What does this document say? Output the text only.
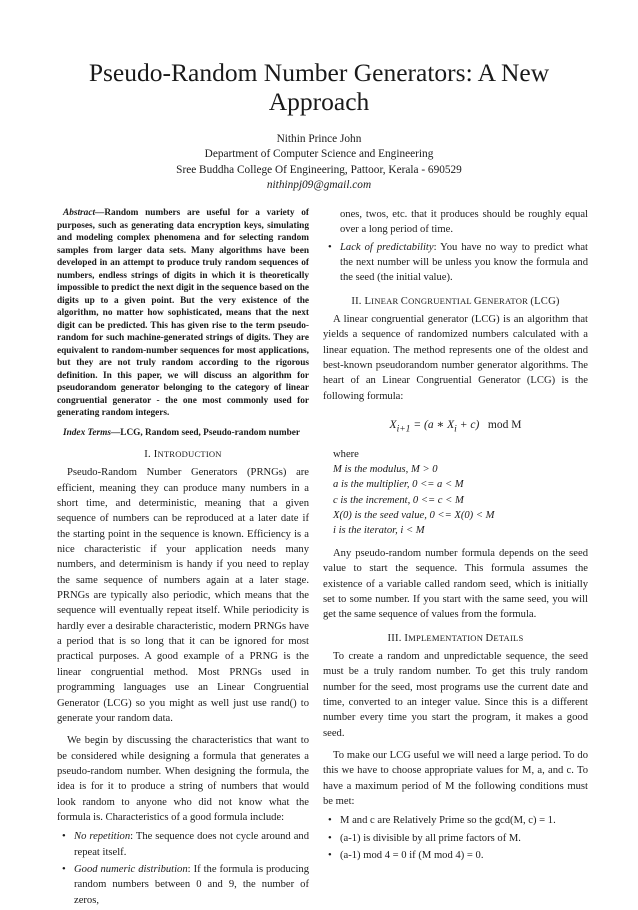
Pseudo-Random Number Generators: A New
Approach
Nithin Prince John
Department of Computer Science and Engineering
Sree Buddha College Of Engineering, Pattoor, Kerala - 690529
nithinpj09@gmail.com

Abstract—Random numbers are useful for a variety of purposes, such as generating data encryption keys, simulating and modeling complex phenomena and for selecting random samples from larger data sets. Many algorithms have been developed in an attempt to produce truly random sequences of numbers, endless strings of digits in which it is theoretically impossible to predict the next digit in the sequence based on the digits up to a given point. But the very existence of the algorithm, no matter how sophisticated, means that the next digit can be predicted. This has given rise to the term pseudo-random for such machine-generated strings of digits. They are equivalent to random-number sequences for most applications, but they are not truly random according to the rigorous definition. In this paper, we will discuss an algorithm for pseudorandom generator belonging to the category of linear congruential generator - the one most commonly used for generating random integers.

Index Terms—LCG, Random seed, Pseudo-random number

I. INTRODUCTION

Pseudo-Random Number Generators (PRNGs) are efficient, meaning they can produce many numbers in a short time, and deterministic, meaning that a given sequence of numbers can be reproduced at a later date if the starting point in the sequence is known. Efficiency is a nice characteristic if your application needs many numbers, and determinism is handy if you need to replay the same sequence of numbers again at a later stage. PRNGs are typically also periodic, which means that the sequence will eventually repeat itself. While periodicity is hardly ever a desirable characteristic, modern PRNGs have a period that is so long that it can be ignored for most practical purposes. A good example of a PRNG is the linear congruential method. Most PRNGs used in programming languages use an Linear Congruential Generator (LCG) so you might as well just use rand() to generate your random data.

We begin by discussing the characteristics that want to be considered while designing a formula that generates a pseudo-random number. When designing the formula, the idea is for it to produce a string of numbers that would look random to anyone who did not know what the formula is. Characteristics of a good formula include:

• No repetition: The sequence does not cycle around and repeat itself.
• Good numeric distribution: If the formula is producing random numbers between 0 and 9, the number of zeros,

ones, twos, etc. that it produces should be roughly equal over a long period of time.

• Lack of predictability: You have no way to predict what the next number will be unless you know the formula and the seed (the initial value).
II. LINEAR CONGRUENTIAL GENERATOR (LCG)

A linear congruential generator (LCG) is an algorithm that yields a sequence of randomized numbers calculated with a linear equation. The method represents one of the oldest and best-known pseudorandom number generator algorithms. The heart of an Linear Congruential Generator (LCG) is the following formula:

$X_{i+1} = (a$ ∗ $X_i + c$) mod M
where
M is the modulus, M > 0
a is the multiplier, 0 <= a < M
c is the increment, 0 <= c < M
X(0) is the seed value, 0 <= X(0) < M
i is the iterator, i < M

Any pseudo-random number formula depends on the seed value to start the sequence. This formula assumes the existence of a variable called random seed, which is initially set to some number. If you start with the same seed, you will get the same sequence of values from the formula.

III. IMPLEMENTATION DETAILS

To create a random and unpredictable sequence, the seed must be a truly random number. To get this truly random number for the seed, most programs use the current date and time, converted to an integer value. Since this is a different number every time you start the program, it makes a good seed.

To make our LCG useful we will need a large period. To do this we have to choose appropriate values for M, a, and c. To have a maximum period of M the following conditions must be met:

• M and c are Relatively Prime so the gcd(M, c) = 1.
• (a-1) is divisible by all prime factors of M.
• (a-1) mod 4 = 0 if (M mod 4) = 0.
